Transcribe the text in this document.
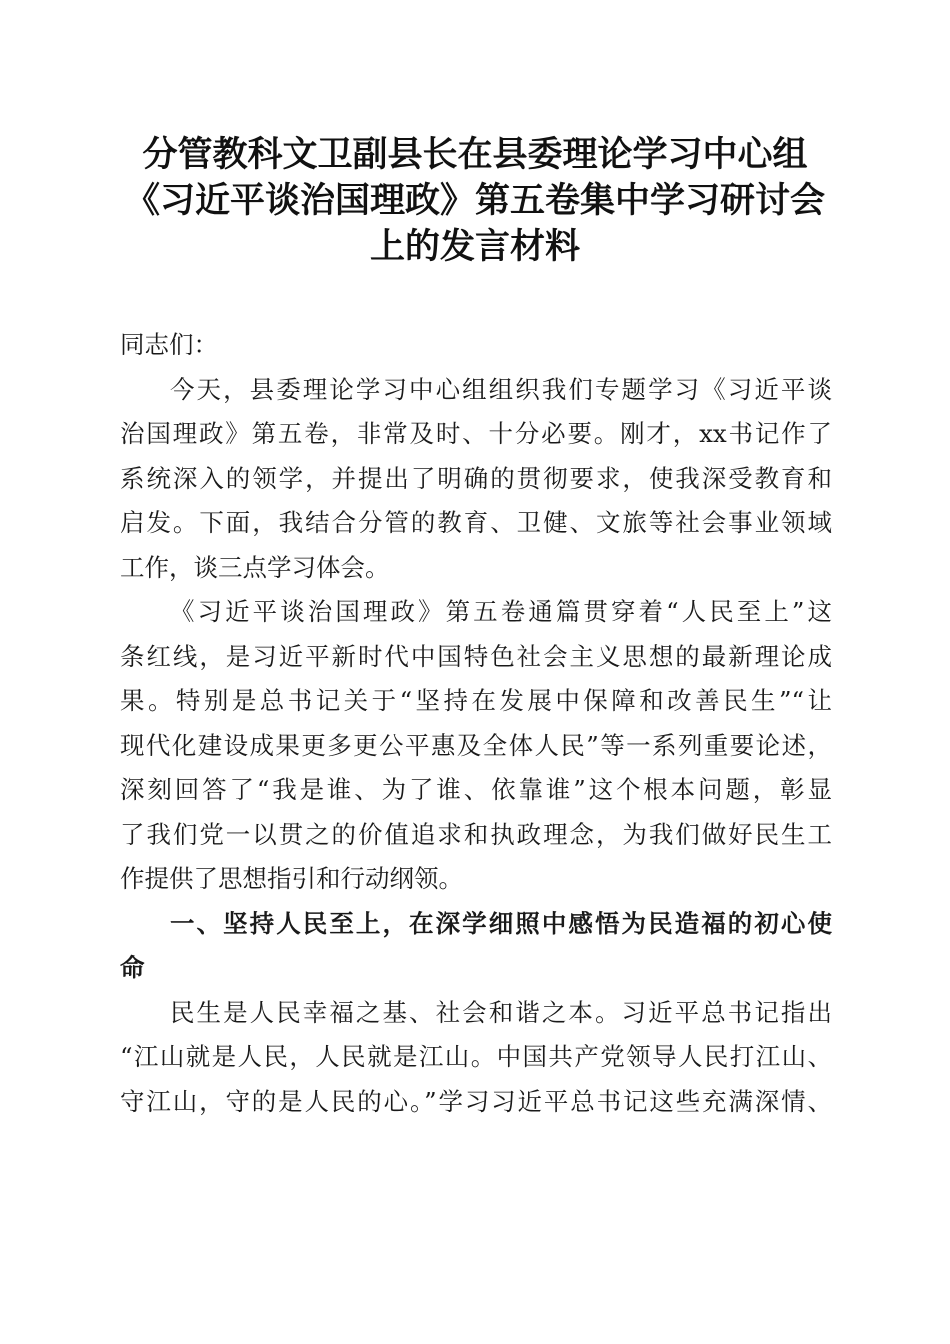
分管教科文卫副县长在县委理论学习中心组
《习近平谈治国理政》第五卷集中学习研讨会
上的发言材料
同志们：
今天，县委理论学习中心组组织我们专题学习《习近平谈
治国理政》第五卷，非常及时、十分必要。刚才，xx书记作了
系统深入的领学，并提出了明确的贯彻要求，使我深受教育和
启发。下面，我结合分管的教育、卫健、文旅等社会事业领域
工作，谈三点学习体会。
《习近平谈治国理政》第五卷通篇贯穿着“人民至上”这
条红线，是习近平新时代中国特色社会主义思想的最新理论成
果。特别是总书记关于“坚持在发展中保障和改善民生”“让
现代化建设成果更多更公平惠及全体人民”等一系列重要论述，
深刻回答了“我是谁、为了谁、依靠谁”这个根本问题，彰显
了我们党一以贯之的价值追求和执政理念，为我们做好民生工
作提供了思想指引和行动纲领。
一、坚持人民至上，在深学细照中感悟为民造福的初心使
命
民生是人民幸福之基、社会和谐之本。习近平总书记指出
“江山就是人民，人民就是江山。中国共产党领导人民打江山、
守江山，守的是人民的心。”学习习近平总书记这些充满深情、
